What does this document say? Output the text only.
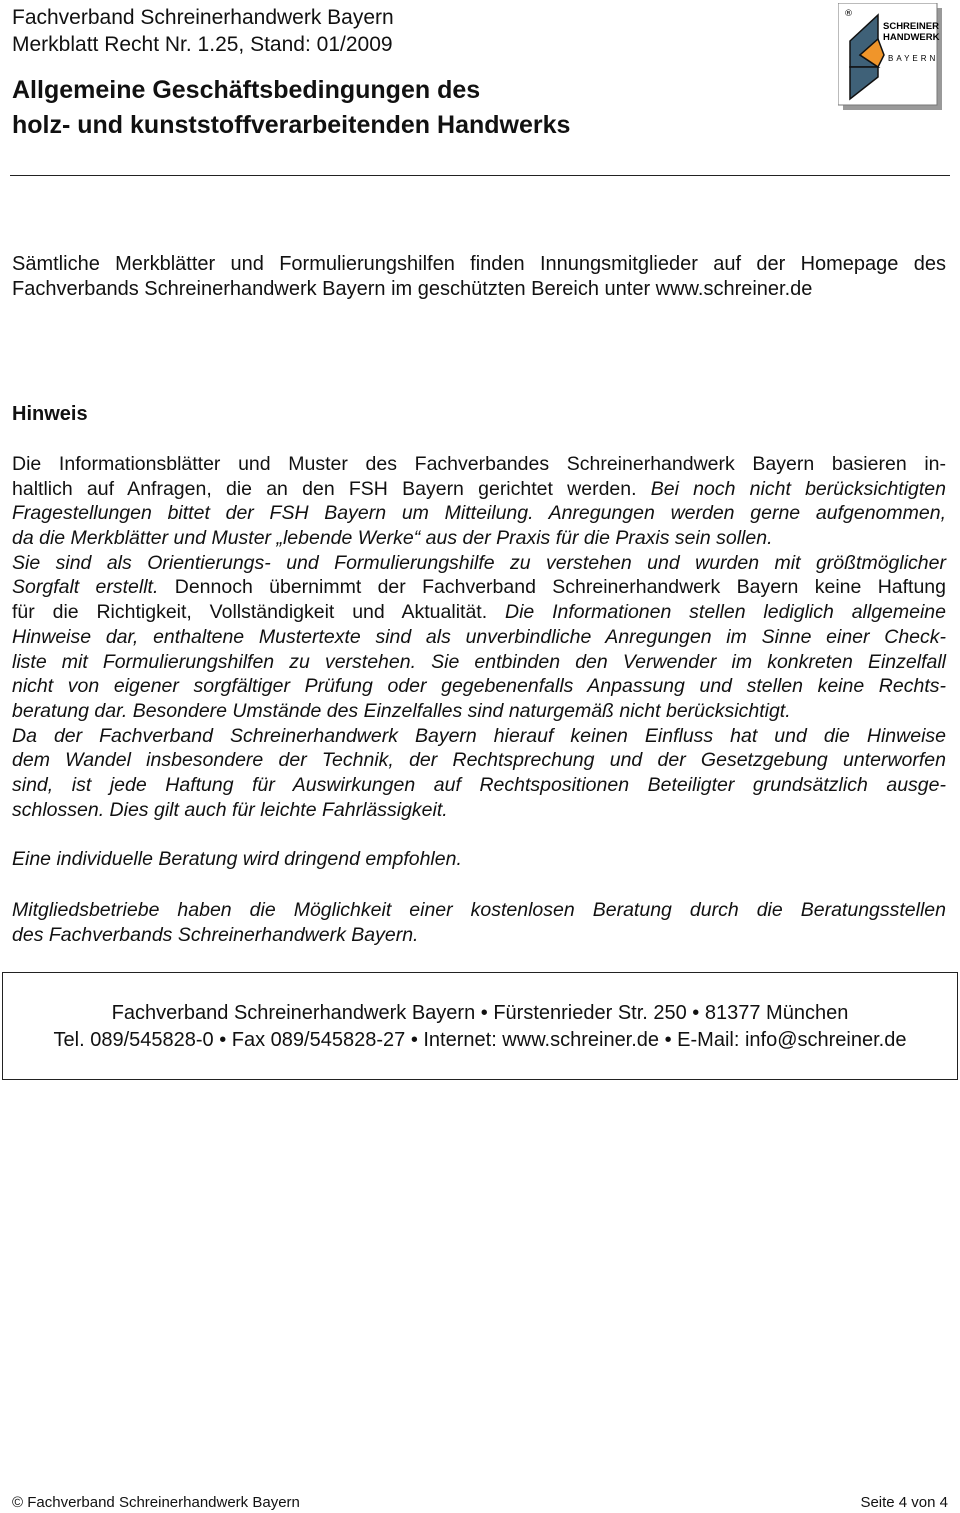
Fachverband Schreinerhandwerk Bayern
Merkblatt Recht Nr. 1.25, Stand: 01/2009
Allgemeine Geschäftsbedingungen des
holz- und kunststoffverarbeitenden Handwerks
®
SCHREINER
HANDWERK
BAYERN
Sämtliche Merkblätter und Formulierungshilfen finden Innungsmitglieder auf der Homepage des
Fachverbands Schreinerhandwerk Bayern im geschützten Bereich unter www.schreiner.de
Hinweis
Die Informationsblätter und Muster des Fachverbandes Schreinerhandwerk Bayern basieren in-
haltlich auf Anfragen, die an den FSH Bayern gerichtet werden. Bei noch nicht berücksichtigten
Fragestellungen bittet der FSH Bayern um Mitteilung. Anregungen werden gerne aufgenommen,
da die Merkblätter und Muster „lebende Werke“ aus der Praxis für die Praxis sein sollen.
Sie sind als Orientierungs- und Formulierungshilfe zu verstehen und wurden mit größtmöglicher
Sorgfalt erstellt. Dennoch übernimmt der Fachverband Schreinerhandwerk Bayern keine Haftung
für die Richtigkeit, Vollständigkeit und Aktualität. Die Informationen stellen lediglich allgemeine
Hinweise dar, enthaltene Mustertexte sind als unverbindliche Anregungen im Sinne einer Check-
liste mit Formulierungshilfen zu verstehen. Sie entbinden den Verwender im konkreten Einzelfall
nicht von eigener sorgfältiger Prüfung oder gegebenenfalls Anpassung und stellen keine Rechts-
beratung dar. Besondere Umstände des Einzelfalles sind naturgemäß nicht berücksichtigt.
Da der Fachverband Schreinerhandwerk Bayern hierauf keinen Einfluss hat und die Hinweise
dem Wandel insbesondere der Technik, der Rechtsprechung und der Gesetzgebung unterworfen
sind, ist jede Haftung für Auswirkungen auf Rechtspositionen Beteiligter grundsätzlich ausge-
schlossen. Dies gilt auch für leichte Fahrlässigkeit.
Eine individuelle Beratung wird dringend empfohlen.
Mitgliedsbetriebe haben die Möglichkeit einer kostenlosen Beratung durch die Beratungsstellen
des Fachverbands Schreinerhandwerk Bayern.
Fachverband Schreinerhandwerk Bayern • Fürstenrieder Str. 250 • 81377 München
Tel. 089/545828-0 • Fax 089/545828-27 • Internet: www.schreiner.de • E-Mail: info@schreiner.de
© Fachverband Schreinerhandwerk Bayern	Seite 4 von 4
